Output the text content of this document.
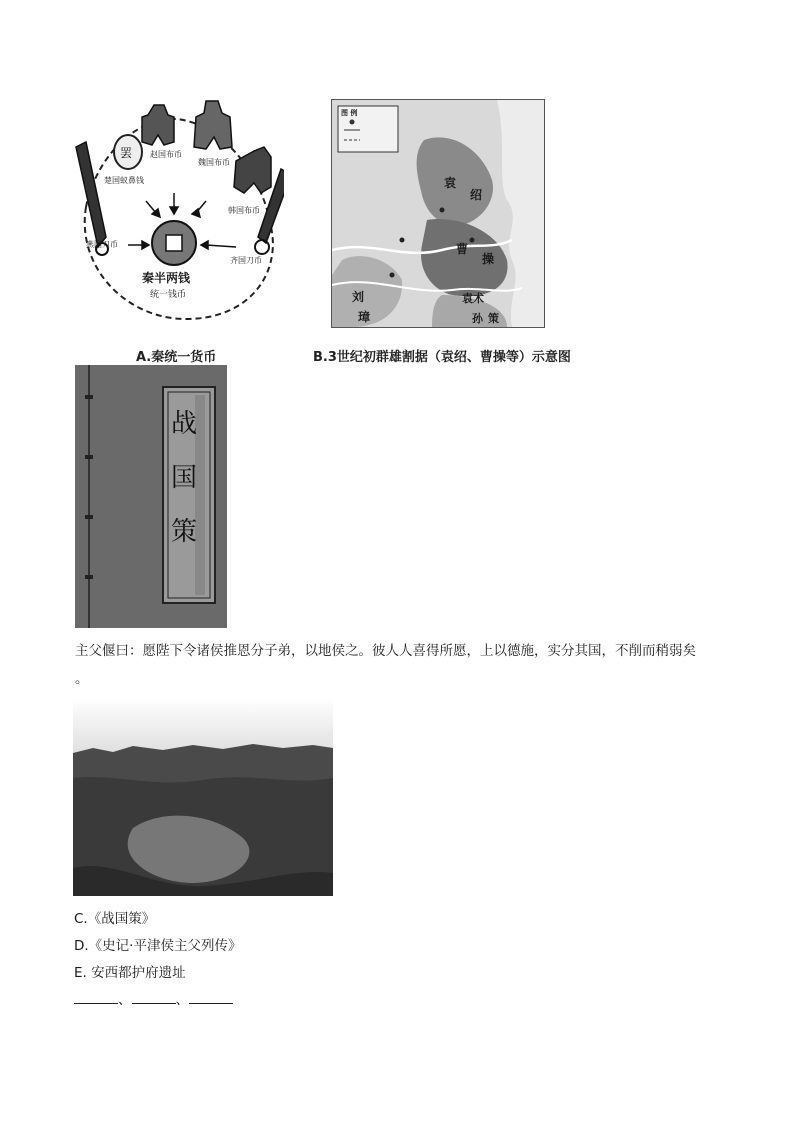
罢 赵国布币
魏国布币
楚国蚁鼻钱
韩国布币
燕国刀币
齐国刀币
秦半两钱
统一钱币
图 例
袁
绍
曹
操
刘
璋
袁术
孙 策
A.秦统一货币	B.3世纪初群雄割据（袁绍、曹操等）示意图
战
国
策
主父偃曰：愿陛下令诸侯推恩分子弟，以地侯之。彼人人喜得所愿，上以德施，实分其国，不削而稍弱矣
。
C.《战国策》
D.《史记·平津侯主父列传》
E. 安西都护府遗址
、	、
